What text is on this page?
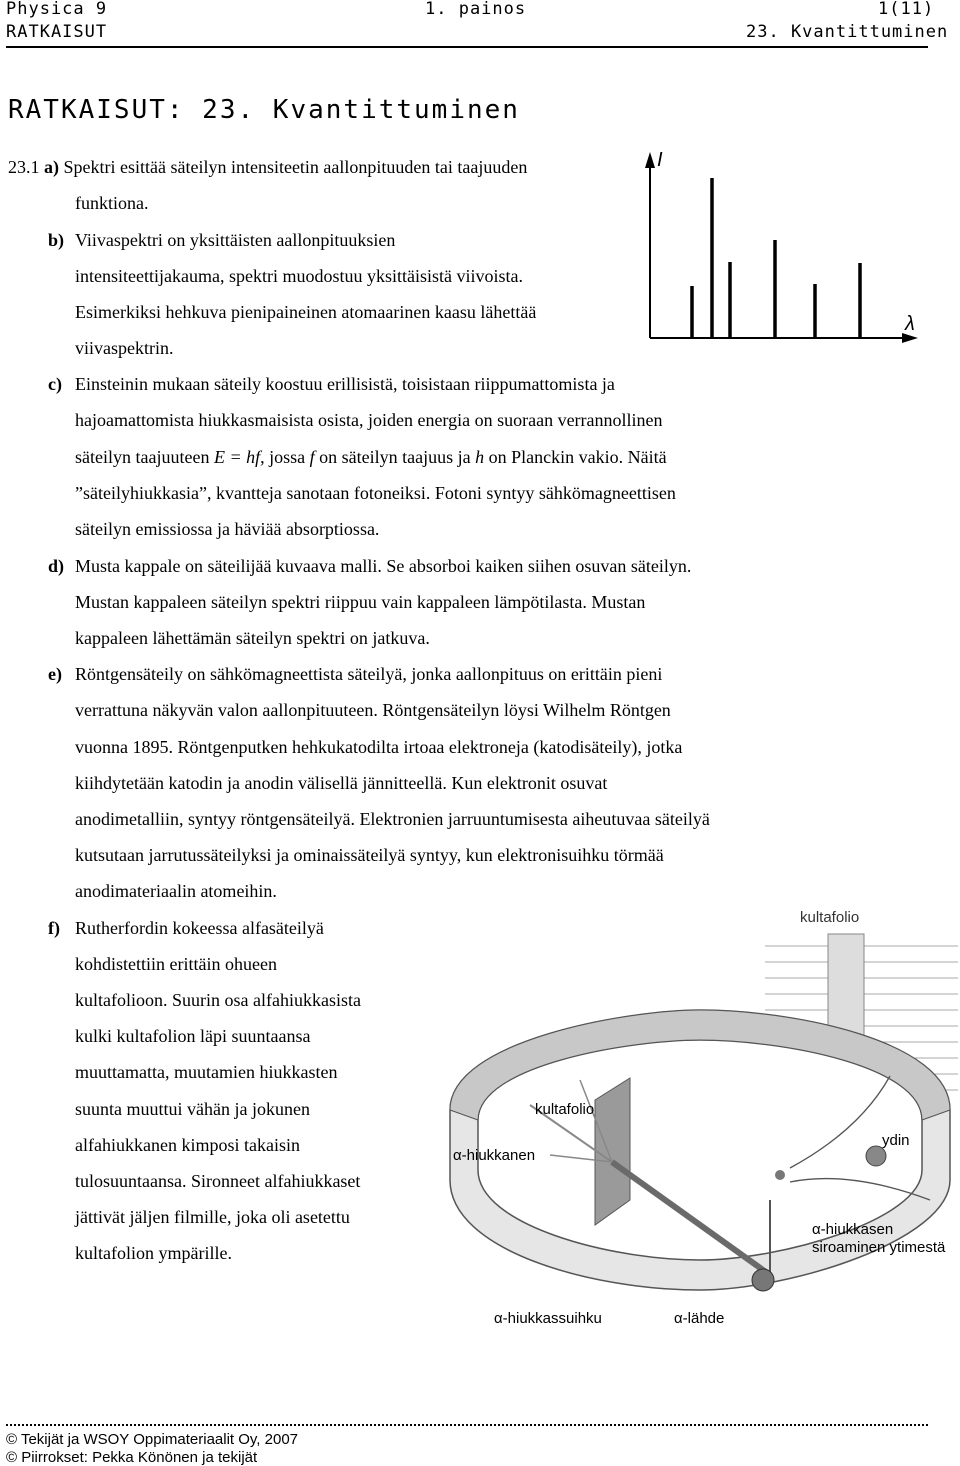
Physica 9	1. painos	1(11)
RATKAISUT	23. Kvantittuminen
RATKAISUT: 23. Kvantittuminen
23.1 a) Spektri esittää säteilyn intensiteetin aallonpituuden tai taajuuden
funktiona.
b) Viivaspektri on yksittäisten aallonpituuksien
intensiteettijakauma, spektri muodostuu yksittäisistä viivoista.
Esimerkiksi hehkuva pienipaineinen atomaarinen kaasu lähettää
viivaspektrin.
I
λ
c) Einsteinin mukaan säteily koostuu erillisistä, toisistaan riippumattomista ja
hajoamattomista hiukkasmaisista osista, joiden energia on suoraan verrannollinen
säteilyn taajuuteen E = hf, jossa f on säteilyn taajuus ja h on Planckin vakio. Näitä
”säteilyhiukkasia”, kvantteja sanotaan fotoneiksi. Fotoni syntyy sähkömagneettisen
säteilyn emissiossa ja häviää absorptiossa.
d) Musta kappale on säteilijää kuvaava malli. Se absorboi kaiken siihen osuvan säteilyn.
Mustan kappaleen säteilyn spektri riippuu vain kappaleen lämpötilasta. Mustan
kappaleen lähettämän säteilyn spektri on jatkuva.
e) Röntgensäteily on sähkömagneettista säteilyä, jonka aallonpituus on erittäin pieni
verrattuna näkyvän valon aallonpituuteen. Röntgensäteilyn löysi Wilhelm Röntgen
vuonna 1895. Röntgenputken hehkukatodilta irtoaa elektroneja (katodisäteily), jotka
kiihdytetään katodin ja anodin välisellä jännitteellä. Kun elektronit osuvat
anodimetalliin, syntyy röntgensäteilyä. Elektronien jarruuntumisesta aiheutuvaa säteilyä
kutsutaan jarrutussäteilyksi ja ominaissäteilyä syntyy, kun elektronisuihku törmää
anodimateriaalin atomeihin.
f) Rutherfordin kokeessa alfasäteilyä
kohdistettiin erittäin ohueen
kultafolioon. Suurin osa alfahiukkasista
kulki kultafolion läpi suuntaansa
muuttamatta, muutamien hiukkasten
suunta muuttui vähän ja jokunen
alfahiukkanen kimposi takaisin
tulosuuntaansa. Sironneet alfahiukkaset
jättivät jäljen filmille, joka oli asetettu
kultafolion ympärille.
kultafolio
kultafolio
α-hiukkanen
ydin
α-hiukkasen
siroaminen ytimestä
α-hiukkassuihku	α-lähde
© Tekijät ja WSOY Oppimateriaalit Oy, 2007
© Piirrokset: Pekka Könönen ja tekijät
